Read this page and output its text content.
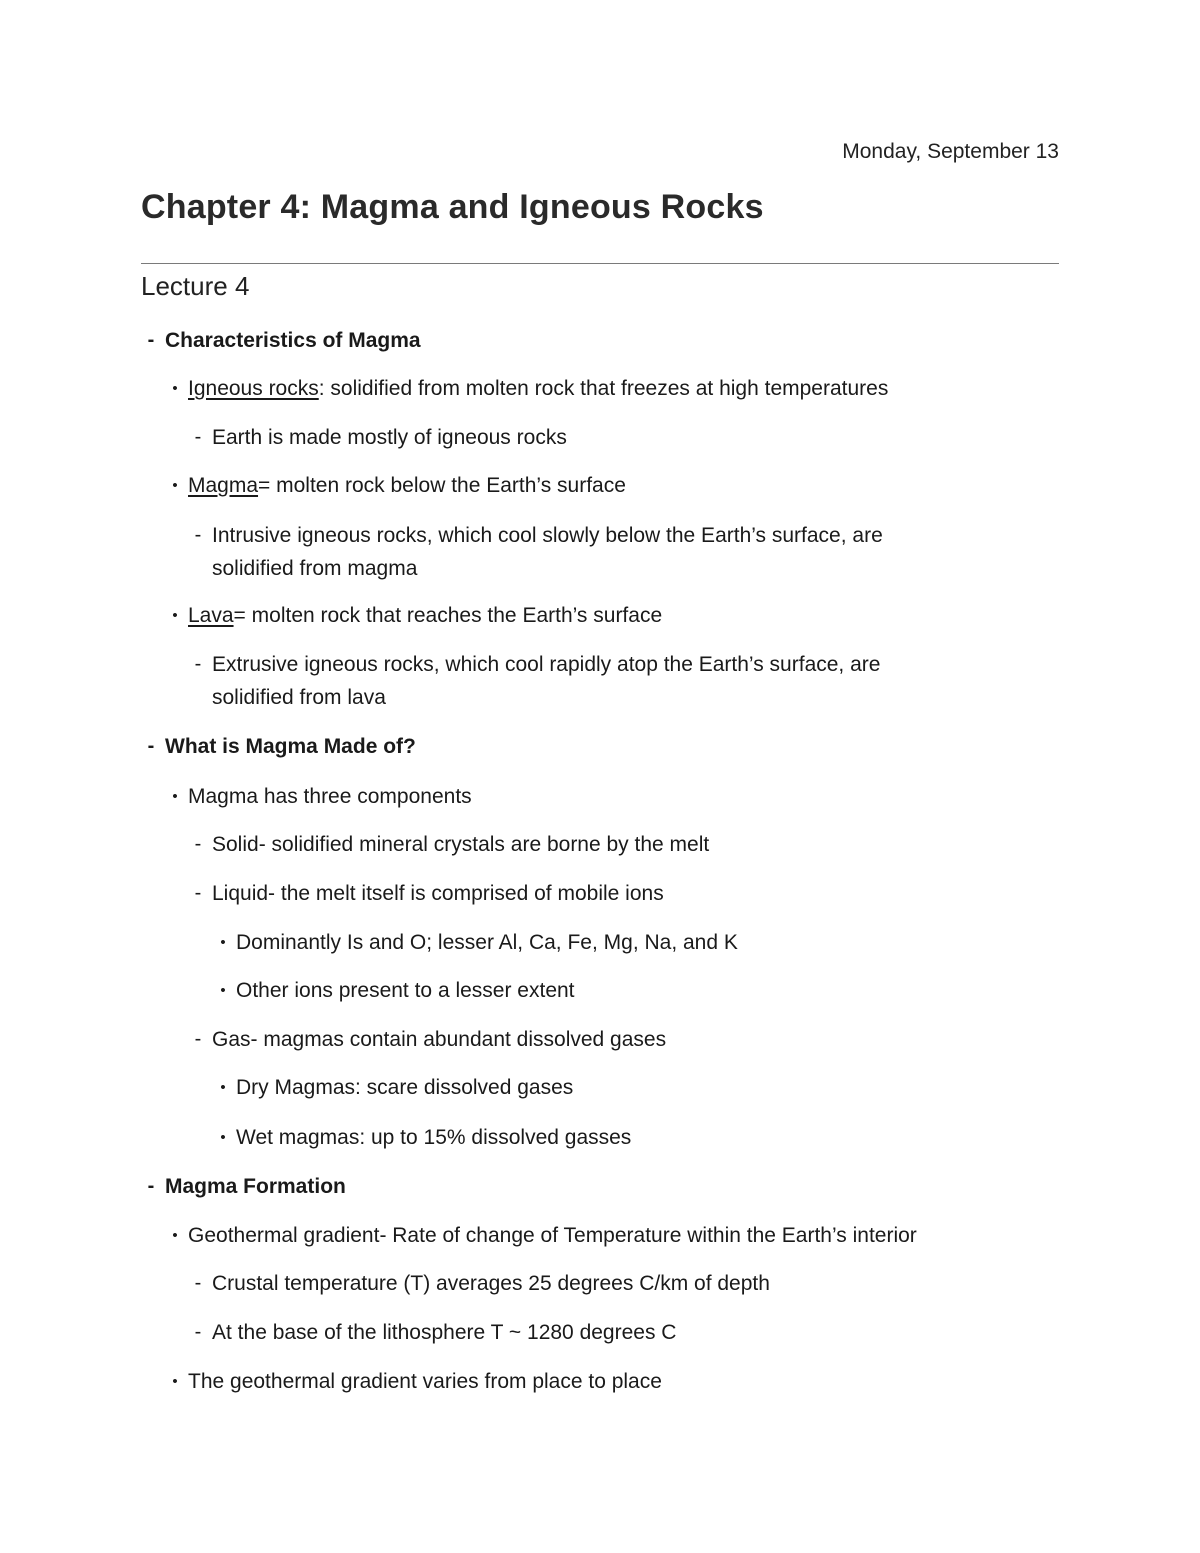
Monday, September 13
Chapter 4: Magma and Igneous Rocks
Lecture 4
- Characteristics of Magma
• Igneous rocks: solidified from molten rock that freezes at high temperatures
- Earth is made mostly of igneous rocks
• Magma= molten rock below the Earth’s surface
- Intrusive igneous rocks, which cool slowly below the Earth’s surface, are
solidified from magma
• Lava= molten rock that reaches the Earth’s surface
- Extrusive igneous rocks, which cool rapidly atop the Earth’s surface, are
solidified from lava
- What is Magma Made of?
• Magma has three components
- Solid- solidified mineral crystals are borne by the melt
- Liquid- the melt itself is comprised of mobile ions
• Dominantly Is and O; lesser Al, Ca, Fe, Mg, Na, and K
• Other ions present to a lesser extent
- Gas- magmas contain abundant dissolved gases
• Dry Magmas: scare dissolved gases
• Wet magmas: up to 15% dissolved gasses
- Magma Formation
• Geothermal gradient- Rate of change of Temperature within the Earth’s interior
- Crustal temperature (T) averages 25 degrees C/km of depth
- At the base of the lithosphere T ~ 1280 degrees C
• The geothermal gradient varies from place to place
